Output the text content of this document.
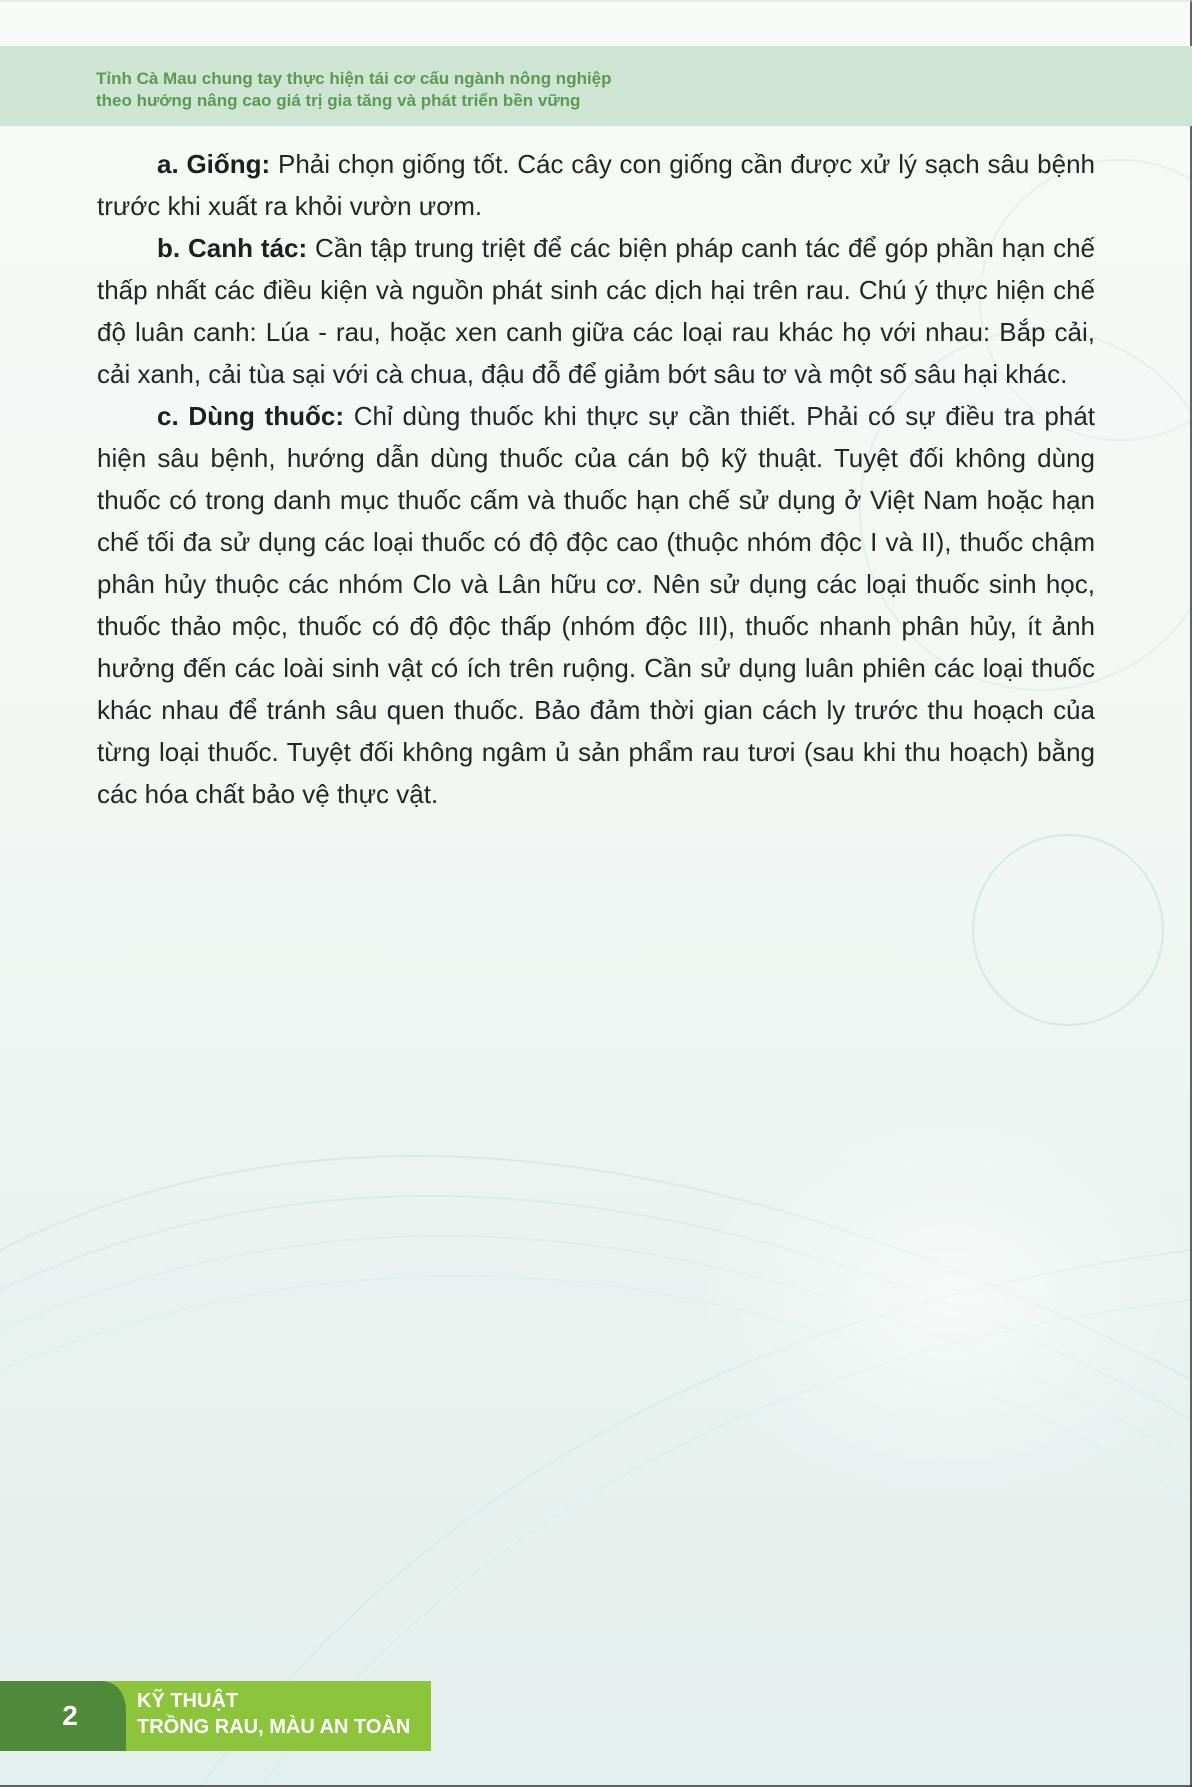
Tỉnh Cà Mau chung tay thực hiện tái cơ cấu ngành nông nghiệp
theo hướng nâng cao giá trị gia tăng và phát triển bền vững

a. Giống: Phải chọn giống tốt. Các cây con giống cần được xử lý sạch sâu bệnh trước khi xuất ra khỏi vườn ươm.

b. Canh tác: Cần tập trung triệt để các biện pháp canh tác để góp phần hạn chế thấp nhất các điều kiện và nguồn phát sinh các dịch hại trên rau. Chú ý thực hiện chế độ luân canh: Lúa - rau, hoặc xen canh giữa các loại rau khác họ với nhau: Bắp cải, cải xanh, cải tùa sại với cà chua, đậu đỗ để giảm bớt sâu tơ và một số sâu hại khác.

c. Dùng thuốc: Chỉ dùng thuốc khi thực sự cần thiết. Phải có sự điều tra phát hiện sâu bệnh, hướng dẫn dùng thuốc của cán bộ kỹ thuật. Tuyệt đối không dùng thuốc có trong danh mục thuốc cấm và thuốc hạn chế sử dụng ở Việt Nam hoặc hạn chế tối đa sử dụng các loại thuốc có độ độc cao (thuộc nhóm độc I và II), thuốc chậm phân hủy thuộc các nhóm Clo và Lân hữu cơ. Nên sử dụng các loại thuốc sinh học, thuốc thảo mộc, thuốc có độ độc thấp (nhóm độc III), thuốc nhanh phân hủy, ít ảnh hưởng đến các loài sinh vật có ích trên ruộng. Cần sử dụng luân phiên các loại thuốc khác nhau để tránh sâu quen thuốc. Bảo đảm thời gian cách ly trước thu hoạch của từng loại thuốc. Tuyệt đối không ngâm ủ sản phẩm rau tươi (sau khi thu hoạch) bằng các hóa chất bảo vệ thực vật.

2	KỸ THUẬT
TRỒNG RAU, MÀU AN TOÀN
